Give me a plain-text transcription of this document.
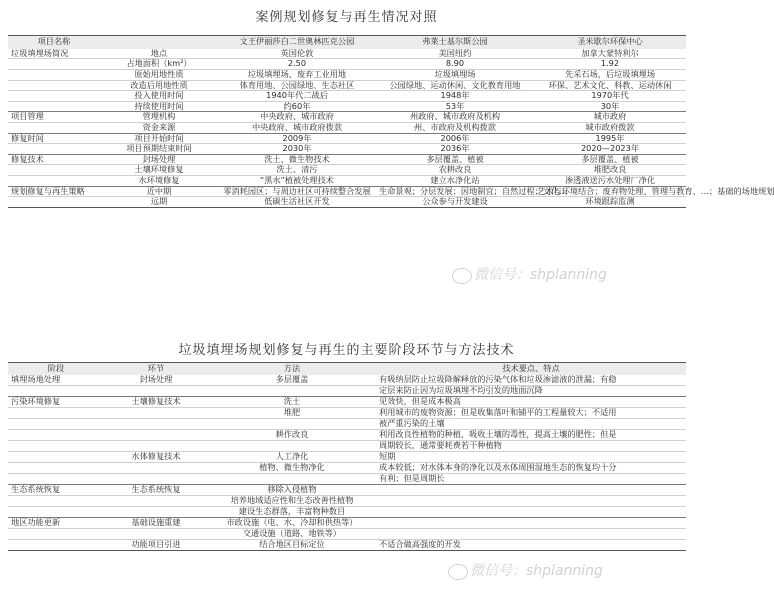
案例规划修复与再生情况对照
项目名称		文王伊丽莎白二世奥林匹克公园	弗莱士基尔斯公园	圣米歇尔环保中心
垃圾填埋场简况	地点	英国伦敦	美国纽约	加拿大蒙特利尔
	占地面积（km²）	2.50	8.90	1.92
	原始用地性质	垃圾填埋场、废弃工业用地	垃圾填埋场	先采石场，后垃圾填埋场
	改造后用地性质	体育用地、公园绿地、生态社区	公园绿地、运动休闲、文化教育用地	环保、艺术文化、科教、运动休闲
	投入使用时间	1940年代二战后	1948年	1970年代
	持续使用时间	约60年	53年	30年
项目管理	管理机构	中央政府、城市政府	州政府、城市政府及机构	城市政府
	资金来源	中央政府、城市政府拨款	州、市政府及机构拨款	城市政府拨款
修复时间	项目开始时间	2009年	2006年	1995年
	项目预期结束时间	2030年	2036年	2020—2023年
修复技术	封场处理	洗土、微生物技术	多层覆盖、植被	多层覆盖、植被
	土壤环境修复	洗土、清污	农耕改良	堆肥改良
	水环境修复	“黑水”植被处理技术	建立水净化站	渗透液送污水处理厂净化
规划修复与再生策略	近中期	零消耗园区；与周边社区可持续整合发展	生命景观；分层发展；因地制宜；自然过程；文化…	艺术与环境结合；废弃物处理、管理与教育、…；基础的场地规划
	远期	低碳生活社区开发	公众参与开发建设	环境跟踪监测
垃圾填埋场规划修复与再生的主要阶段环节与方法技术
阶段	环节	方法	技术要点、特点
填埋场地处理	封场处理	多层覆盖	有吸纳层防止垃圾降解释放的污染气体和垃圾渗滤液的泄漏；有稳
			定层来防止因为垃圾填埋不均引发的地面沉降
污染环境修复	土壤修复技术	洗土	见效快，但是成本极高
		堆肥	利用城市的废物资源；但是收集落叶和铺平的工程量较大；不适用
			被严重污染的土壤
		耕作改良	利用改良性植物的种植，吸收土壤的毒性，提高土壤的肥性；但是
			周期较长，通常要耗费若干种植物
	水体修复技术	人工净化	短期
		植物、微生物净化	成本较低；对水体本身的净化以及水体周围湿地生态的恢复均十分
			有利；但是周期长
生态系统恢复	生态系统恢复	移除入侵植物	
		培养地域适应性和生态改善性植物	
		建设生态群落，丰富物种数目	
地区功能更新	基础设施重建	市政设施（电、水、冷却和供热等）	
		交通设施（道路、地铁等）	
	功能项目引进	结合地区目标定位	不适合做高强度的开发
微信号：shplanning
微信号：shplanning
